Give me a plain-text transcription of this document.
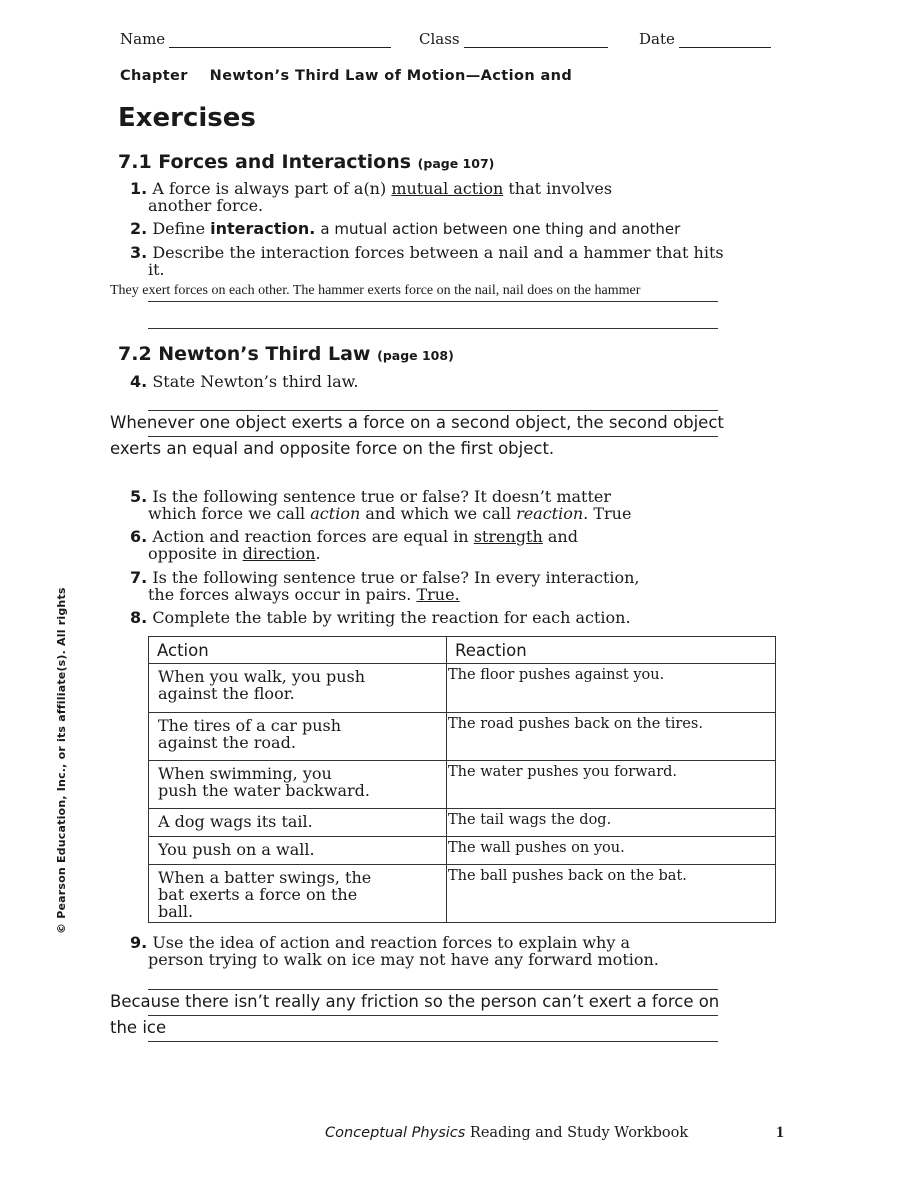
Name	Class	Date
Chapter Newton’s Third Law of Motion—Action and
Exercises
7.1 Forces and Interactions (page 107)
1. A force is always part of a(n) mutual action that involves
another force.
2. Define interaction. a mutual action between one thing and another
3. Describe the interaction forces between a nail and a hammer that hits
it.
They exert forces on each other. The hammer exerts force on the nail, nail does on the hammer
7.2 Newton’s Third Law (page 108)
4. State Newton’s third law.
Whenever one object exerts a force on a second object, the second object
exerts an equal and opposite force on the first object.
5. Is the following sentence true or false? It doesn’t matter
which force we call action and which we call reaction. True
6. Action and reaction forces are equal in strength and
opposite in direction.
7. Is the following sentence true or false? In every interaction,
the forces always occur in pairs. True.
8. Complete the table by writing the reaction for each action.
Action	Reaction
When you walk, you push
against the floor.	The floor pushes against you.
The tires of a car push
against the road.	The road pushes back on the tires.
When swimming, you
push the water backward.	The water pushes you forward.
A dog wags its tail.	The tail wags the dog.
You push on a wall.	The wall pushes on you.
When a batter swings, the
bat exerts a force on the
ball.	The ball pushes back on the bat.
9. Use the idea of action and reaction forces to explain why a
person trying to walk on ice may not have any forward motion.
Because there isn’t really any friction so the person can’t exert a force on
the ice
© Pearson Education, Inc., or its affiliate(s). All rights
Conceptual Physics Reading and Study Workbook	1
